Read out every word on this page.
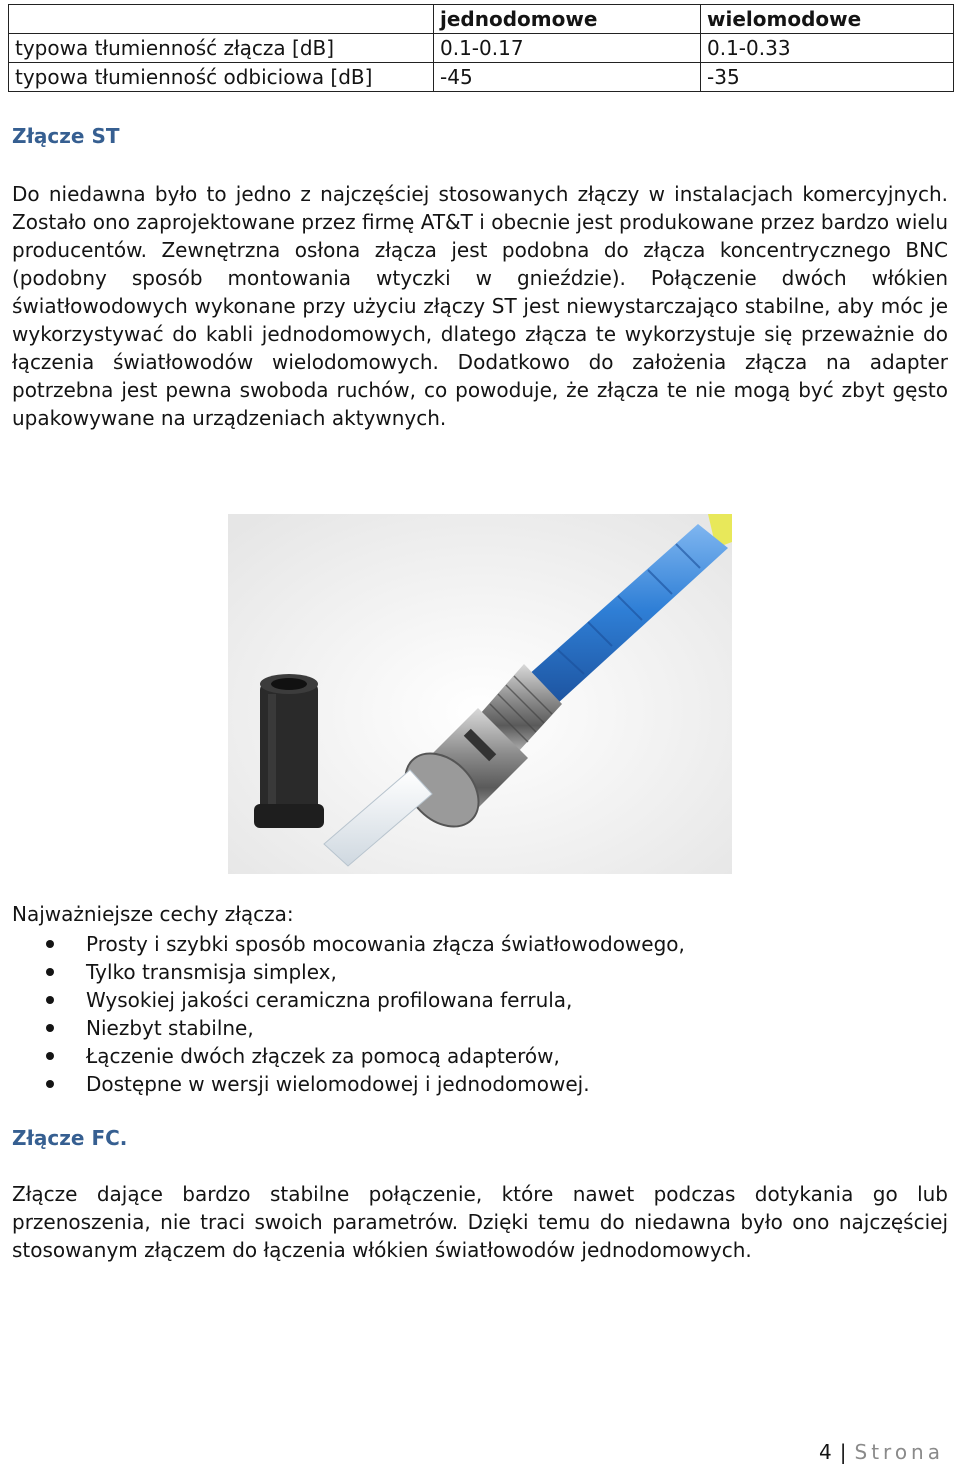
	jednodomowe	wielomodowe
typowa tłumienność złącza [dB]	0.1-0.17	0.1-0.33
typowa tłumienność odbiciowa [dB]	-45	-35
Złącze ST
Do niedawna było to jedno z najczęściej stosowanych złączy w instalacjach komercyjnych. Zostało ono zaprojektowane przez firmę AT&T i obecnie jest produkowane przez bardzo wielu producentów. Zewnętrzna osłona złącza jest podobna do złącza koncentrycznego BNC (podobny sposób montowania wtyczki w gnieździe). Połączenie dwóch włókien światłowodowych wykonane przy użyciu złączy ST jest niewystarczająco stabilne, aby móc je wykorzystywać do kabli jednodomowych, dlatego złącza te wykorzystuje się przeważnie do łączenia światłowodów wielodomowych. Dodatkowo do założenia złącza na adapter potrzebna jest pewna swoboda ruchów, co powoduje, że złącza te nie mogą być zbyt gęsto upakowywane na urządzeniach aktywnych.
Najważniejsze cechy złącza:
Prosty i szybki sposób mocowania złącza światłowodowego,
Tylko transmisja simplex,
Wysokiej jakości ceramiczna profilowana ferrula,
Niezbyt stabilne,
Łączenie dwóch złączek za pomocą adapterów,
Dostępne w wersji wielomodowej i jednodomowej.
Złącze FC.
Złącze dające bardzo stabilne połączenie, które nawet podczas dotykania go lub przenoszenia, nie traci swoich parametrów. Dzięki temu do niedawna było ono najczęściej stosowanym złączem do łączenia włókien światłowodów jednodomowych.
4 | Strona
